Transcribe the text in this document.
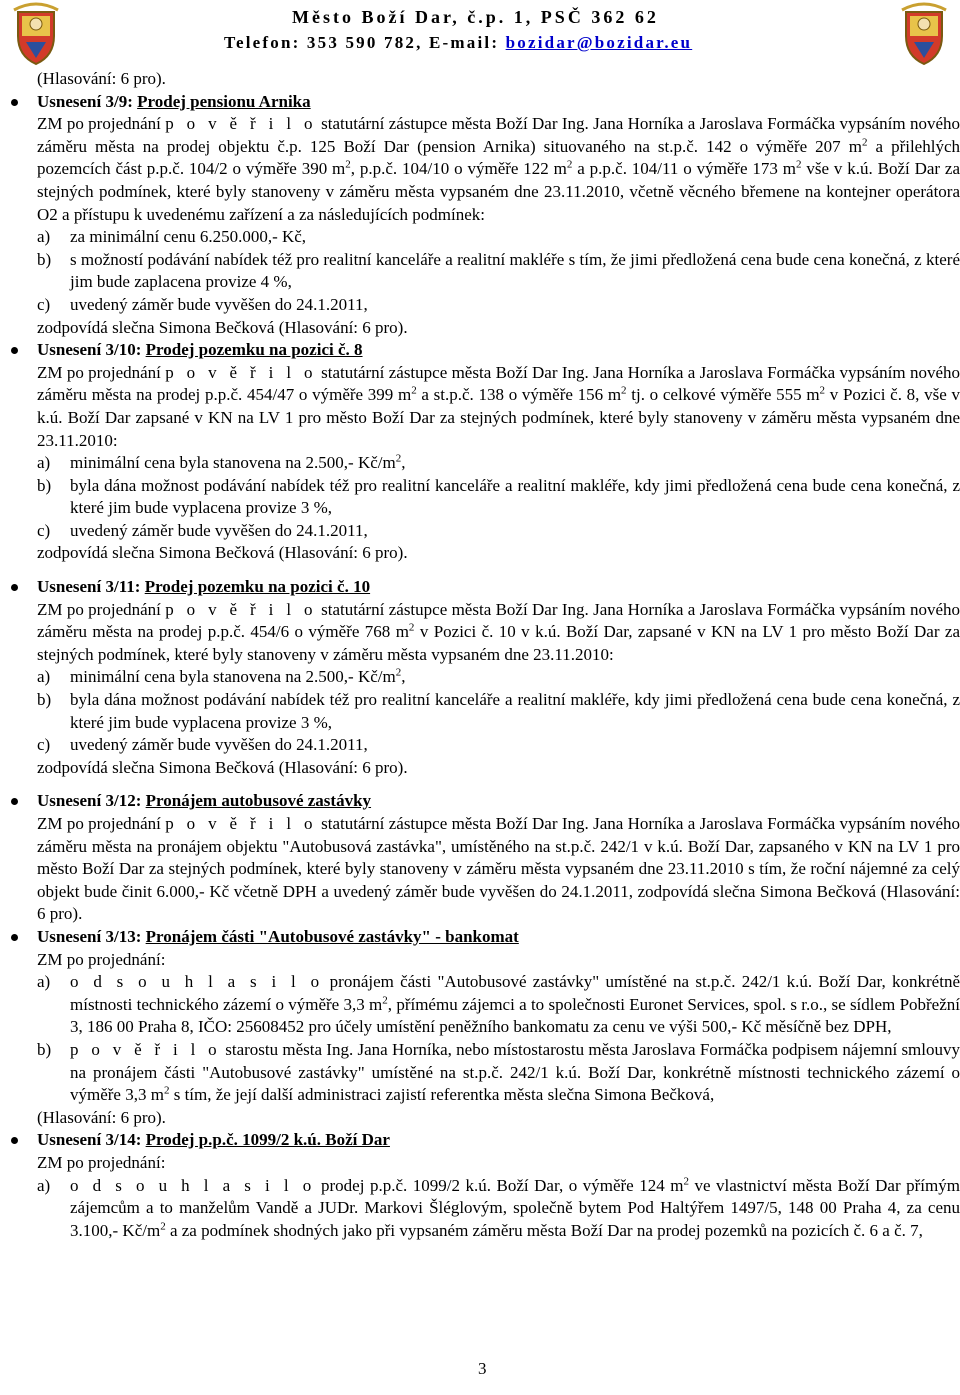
Město Boží Dar, č.p. 1, PSČ 362 62
Telefon: 353 590 782, E-mail: bozidar@bozidar.eu

(Hlasování: 6 pro).

Usnesení 3/9: Prodej pensionu Arnika

ZM po projednání p o v ě ř i l o statutární zástupce města Boží Dar Ing. Jana Horníka a Jaroslava Formáčka vypsáním nového záměru města na prodej objektu č.p. 125 Boží Dar (pension Arnika) situovaného na st.p.č. 142 o výměře 207 $m^2$ a přilehlých pozemcích část p.p.č. 104/2 o výměře 390 $m^2$, p.p.č. 104/10 o výměře 122 $m^2$ a p.p.č. 104/11 o výměře 173 $m^2$ vše v k.ú. Boží Dar za stejných podmínek, které byly stanoveny v záměru města vypsaném dne 23.11.2010, včetně věcného břemene na kontejner operátora O2 a přístupu k uvedenému zařízení a za následujících podmínek:

a)	za minimální cenu 6.250.000,- Kč,
b)	s možností podávání nabídek též pro realitní kanceláře a realitní makléře s tím, že jimi předložená cena bude cena konečná, z které jim bude zaplacena provize 4 %,
c)	uvedený záměr bude vyvěšen do 24.1.2011,

zodpovídá slečna Simona Bečková (Hlasování: 6 pro).

Usnesení 3/10: Prodej pozemku na pozici č. 8

ZM po projednání p o v ě ř i l o statutární zástupce města Boží Dar Ing. Jana Horníka a Jaroslava Formáčka vypsáním nového záměru města na prodej p.p.č. 454/47 o výměře 399 $m^2$ a st.p.č. 138 o výměře 156 $m^2$ tj. o celkové výměře 555 $m^2$ v Pozici č. 8, vše v k.ú. Boží Dar zapsané v KN na LV 1 pro město Boží Dar za stejných podmínek, které byly stanoveny v záměru města vypsaném dne 23.11.2010:

a)	minimální cena byla stanovena na 2.500,- $Kč/m^2$,
b)	byla dána možnost podávání nabídek též pro realitní kanceláře a realitní makléře, kdy jimi předložená cena bude cena konečná, z které jim bude vyplacena provize 3 %,
c)	uvedený záměr bude vyvěšen do 24.1.2011,

zodpovídá slečna Simona Bečková (Hlasování: 6 pro).

Usnesení 3/11: Prodej pozemku na pozici č. 10

ZM po projednání p o v ě ř i l o statutární zástupce města Boží Dar Ing. Jana Horníka a Jaroslava Formáčka vypsáním nového záměru města na prodej p.p.č. 454/6 o výměře 768 $m^2$ v Pozici č. 10 v k.ú. Boží Dar, zapsané v KN na LV 1 pro město Boží Dar za stejných podmínek, které byly stanoveny v záměru města vypsaném dne 23.11.2010:

a)	minimální cena byla stanovena na 2.500,- $Kč/m^2$,
b)	byla dána možnost podávání nabídek též pro realitní kanceláře a realitní makléře, kdy jimi předložená cena bude cena konečná, z které jim bude vyplacena provize 3 %,
c)	uvedený záměr bude vyvěšen do 24.1.2011,

zodpovídá slečna Simona Bečková (Hlasování: 6 pro).

Usnesení 3/12: Pronájem autobusové zastávky

ZM po projednání p o v ě ř i l o statutární zástupce města Boží Dar Ing. Jana Horníka a Jaroslava Formáčka vypsáním nového záměru města na pronájem objektu "Autobusová zastávka", umístěného na st.p.č. 242/1 v k.ú. Boží Dar, zapsaného v KN na LV 1 pro město Boží Dar za stejných podmínek, které byly stanoveny v záměru města vypsaném dne 23.11.2010 s tím, že roční nájemné za celý objekt bude činit 6.000,- Kč včetně DPH a uvedený záměr bude vyvěšen do 24.1.2011, zodpovídá slečna Simona Bečková (Hlasování: 6 pro).

Usnesení 3/13: Pronájem části "Autobusové zastávky" - bankomat

ZM po projednání:

a)	o d s o u h l a s i l o pronájem části "Autobusové zastávky" umístěné na st.p.č. 242/1 k.ú. Boží Dar, konkrétně místnosti technického zázemí o výměře 3,3 $m^2$, přímému zájemci a to společnosti Euronet Services, spol. s r.o., se sídlem Pobřežní 3, 186 00 Praha 8, IČO: 25608452 pro účely umístění peněžního bankomatu za cenu ve výši 500,- Kč měsíčně bez DPH,
b)	p o v ě ř i l o starostu města Ing. Jana Horníka, nebo místostarostu města Jaroslava Formáčka podpisem nájemní smlouvy na pronájem části "Autobusové zastávky" umístěné na st.p.č. 242/1 k.ú. Boží Dar, konkrétně místnosti technického zázemí o výměře 3,3 $m^2$ s tím, že její další administraci zajistí referentka města slečna Simona Bečková,

(Hlasování: 6 pro).

Usnesení 3/14: Prodej p.p.č. 1099/2 k.ú. Boží Dar

ZM po projednání:

a)	o d s o u h l a s i l o prodej p.p.č. 1099/2 k.ú. Boží Dar, o výměře 124 $m^2$ ve vlastnictví města Boží Dar přímým zájemcům a to manželům Vandě a JUDr. Markovi Šléglovým, společně bytem Pod Haltýřem 1497/5, 148 00 Praha 4, za cenu 3.100,- $Kč/m^2$ a za podmínek shodných jako při vypsaném záměru města Boží Dar na prodej pozemků na pozicích č. 6 a č. 7,
3
